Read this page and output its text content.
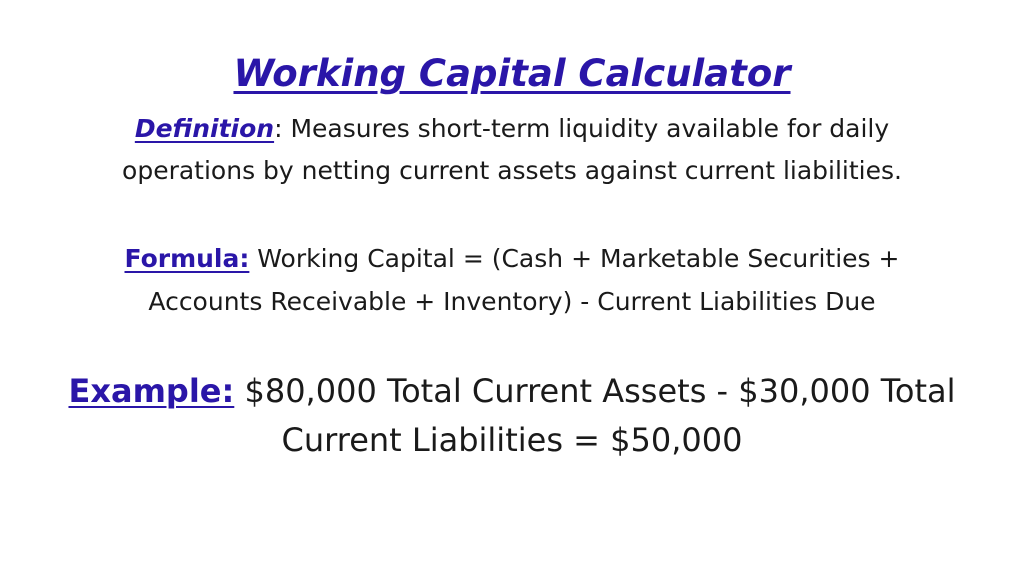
Working Capital Calculator

Definition: Measures short-term liquidity available for daily
operations by netting current assets against current liabilities.

Formula: Working Capital = (Cash + Marketable Securities +
Accounts Receivable + Inventory) - Current Liabilities Due

Example: $80,000 Total Current Assets - $30,000 Total
Current Liabilities = $50,000
